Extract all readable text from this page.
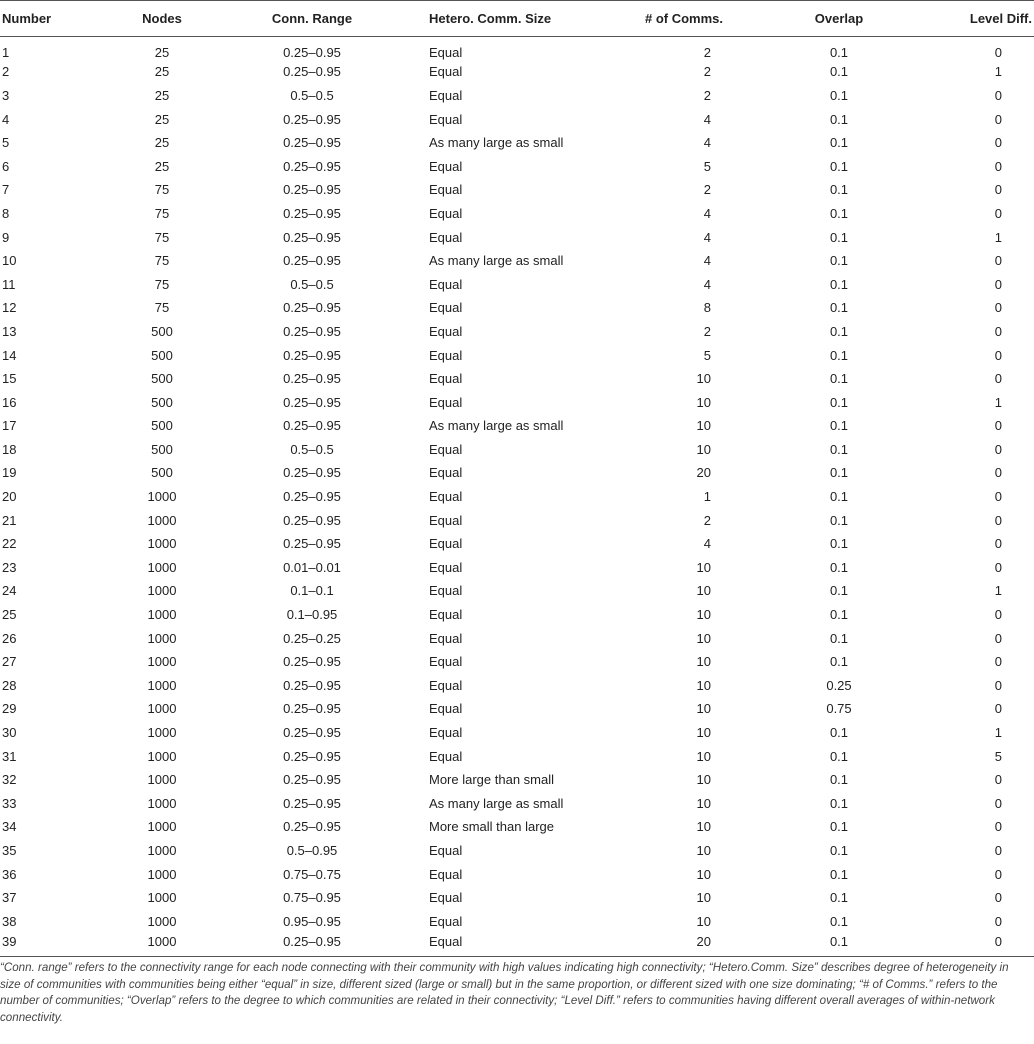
Number	Nodes	Conn. Range	Hetero. Comm. Size	# of Comms.	Overlap	Level Diff.
1	25	0.25–0.95	Equal	2	0.1	0
2	25	0.25–0.95	Equal	2	0.1	1
3	25	0.5–0.5	Equal	2	0.1	0
4	25	0.25–0.95	Equal	4	0.1	0
5	25	0.25–0.95	As many large as small	4	0.1	0
6	25	0.25–0.95	Equal	5	0.1	0
7	75	0.25–0.95	Equal	2	0.1	0
8	75	0.25–0.95	Equal	4	0.1	0
9	75	0.25–0.95	Equal	4	0.1	1
10	75	0.25–0.95	As many large as small	4	0.1	0
11	75	0.5–0.5	Equal	4	0.1	0
12	75	0.25–0.95	Equal	8	0.1	0
13	500	0.25–0.95	Equal	2	0.1	0
14	500	0.25–0.95	Equal	5	0.1	0
15	500	0.25–0.95	Equal	10	0.1	0
16	500	0.25–0.95	Equal	10	0.1	1
17	500	0.25–0.95	As many large as small	10	0.1	0
18	500	0.5–0.5	Equal	10	0.1	0
19	500	0.25–0.95	Equal	20	0.1	0
20	1000	0.25–0.95	Equal	1	0.1	0
21	1000	0.25–0.95	Equal	2	0.1	0
22	1000	0.25–0.95	Equal	4	0.1	0
23	1000	0.01–0.01	Equal	10	0.1	0
24	1000	0.1–0.1	Equal	10	0.1	1
25	1000	0.1–0.95	Equal	10	0.1	0
26	1000	0.25–0.25	Equal	10	0.1	0
27	1000	0.25–0.95	Equal	10	0.1	0
28	1000	0.25–0.95	Equal	10	0.25	0
29	1000	0.25–0.95	Equal	10	0.75	0
30	1000	0.25–0.95	Equal	10	0.1	1
31	1000	0.25–0.95	Equal	10	0.1	5
32	1000	0.25–0.95	More large than small	10	0.1	0
33	1000	0.25–0.95	As many large as small	10	0.1	0
34	1000	0.25–0.95	More small than large	10	0.1	0
35	1000	0.5–0.95	Equal	10	0.1	0
36	1000	0.75–0.75	Equal	10	0.1	0
37	1000	0.75–0.95	Equal	10	0.1	0
38	1000	0.95–0.95	Equal	10	0.1	0
39	1000	0.25–0.95	Equal	20	0.1	0
“Conn. range” refers to the connectivity range for each node connecting with their community with high values indicating high connectivity; “Hetero.Comm. Size” describes degree of heterogeneity in size of communities with communities being either “equal” in size, different sized (large or small) but in the same proportion, or different sized with one size dominating; “# of Comms.” refers to the number of communities; “Overlap” refers to the degree to which communities are related in their connectivity; “Level Diff.” refers to communities having different overall averages of within-network connectivity.
